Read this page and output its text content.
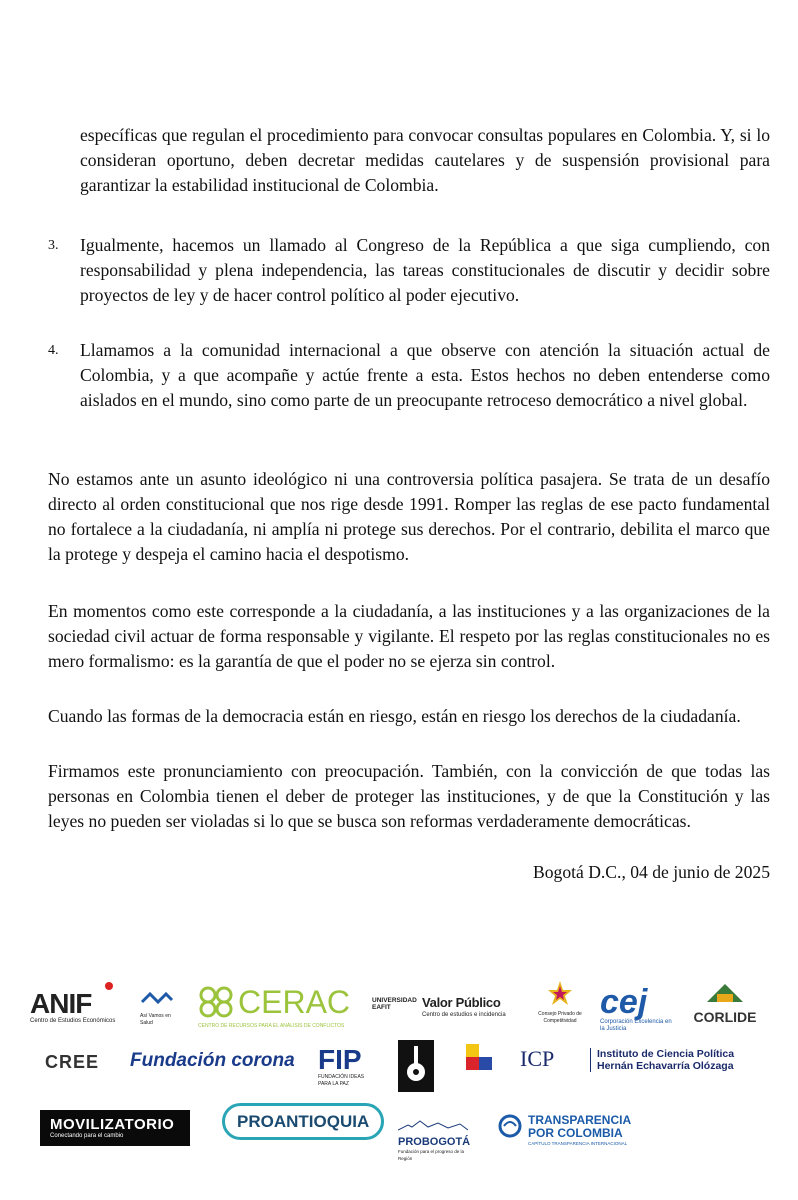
específicas que regulan el procedimiento para convocar consultas populares en Colombia. Y, si lo consideran oportuno, deben decretar medidas cautelares y de suspensión provisional para garantizar la estabilidad institucional de Colombia.

3.	Igualmente, hacemos un llamado al Congreso de la República a que siga cumpliendo, con responsabilidad y plena independencia, las tareas constitucionales de discutir y decidir sobre proyectos de ley y de hacer control político al poder ejecutivo.

4.	Llamamos a la comunidad internacional a que observe con atención la situación actual de Colombia, y a que acompañe y actúe frente a esta. Estos hechos no deben entenderse como aislados en el mundo, sino como parte de un preocupante retroceso democrático a nivel global.

No estamos ante un asunto ideológico ni una controversia política pasajera. Se trata de un desafío directo al orden constitucional que nos rige desde 1991. Romper las reglas de ese pacto fundamental no fortalece a la ciudadanía, ni amplía ni protege sus derechos. Por el contrario, debilita el marco que la protege y despeja el camino hacia el despotismo.

En momentos como este corresponde a la ciudadanía, a las instituciones y a las organizaciones de la sociedad civil actuar de forma responsable y vigilante. El respeto por las reglas constitucionales no es mero formalismo: es la garantía de que el poder no se ejerza sin control.

Cuando las formas de la democracia están en riesgo, están en riesgo los derechos de la ciudadanía.

Firmamos este pronunciamiento con preocupación. También, con la convicción de que todas las personas en Colombia tienen el deber de proteger las instituciones, y de que la Constitución y las leyes no pueden ser violadas si lo que se busca son reformas verdaderamente democráticas.

Bogotá D.C., 04 de junio de 2025
ANIF
Centro de Estudios Económicos
Así Vamos en Salud
CERAC
CENTRO DE RECURSOS PARA EL ANÁLISIS DE CONFLICTOS
UNIVERSIDAD EAFIT	Valor Público
Centro de estudios e incidencia	Consejo Privado de Competitividad cej
Corporación Excelencia en la Justicia
CORLIDE
CREE	Fundación corona FIP
FUNDACIÓN IDEAS PARA LA PAZ
ICP	Instituto de Ciencia Política
Hernán Echavarría Olózaga
MOVILIZATORIO
Conectando para el cambio
PROANTIOQUIA
PROBOGOTÁ
Fundación para el progreso de la Región
TRANSPARENCIA
POR COLOMBIA
CAPÍTULO TRANSPARENCIA INTERNACIONAL
